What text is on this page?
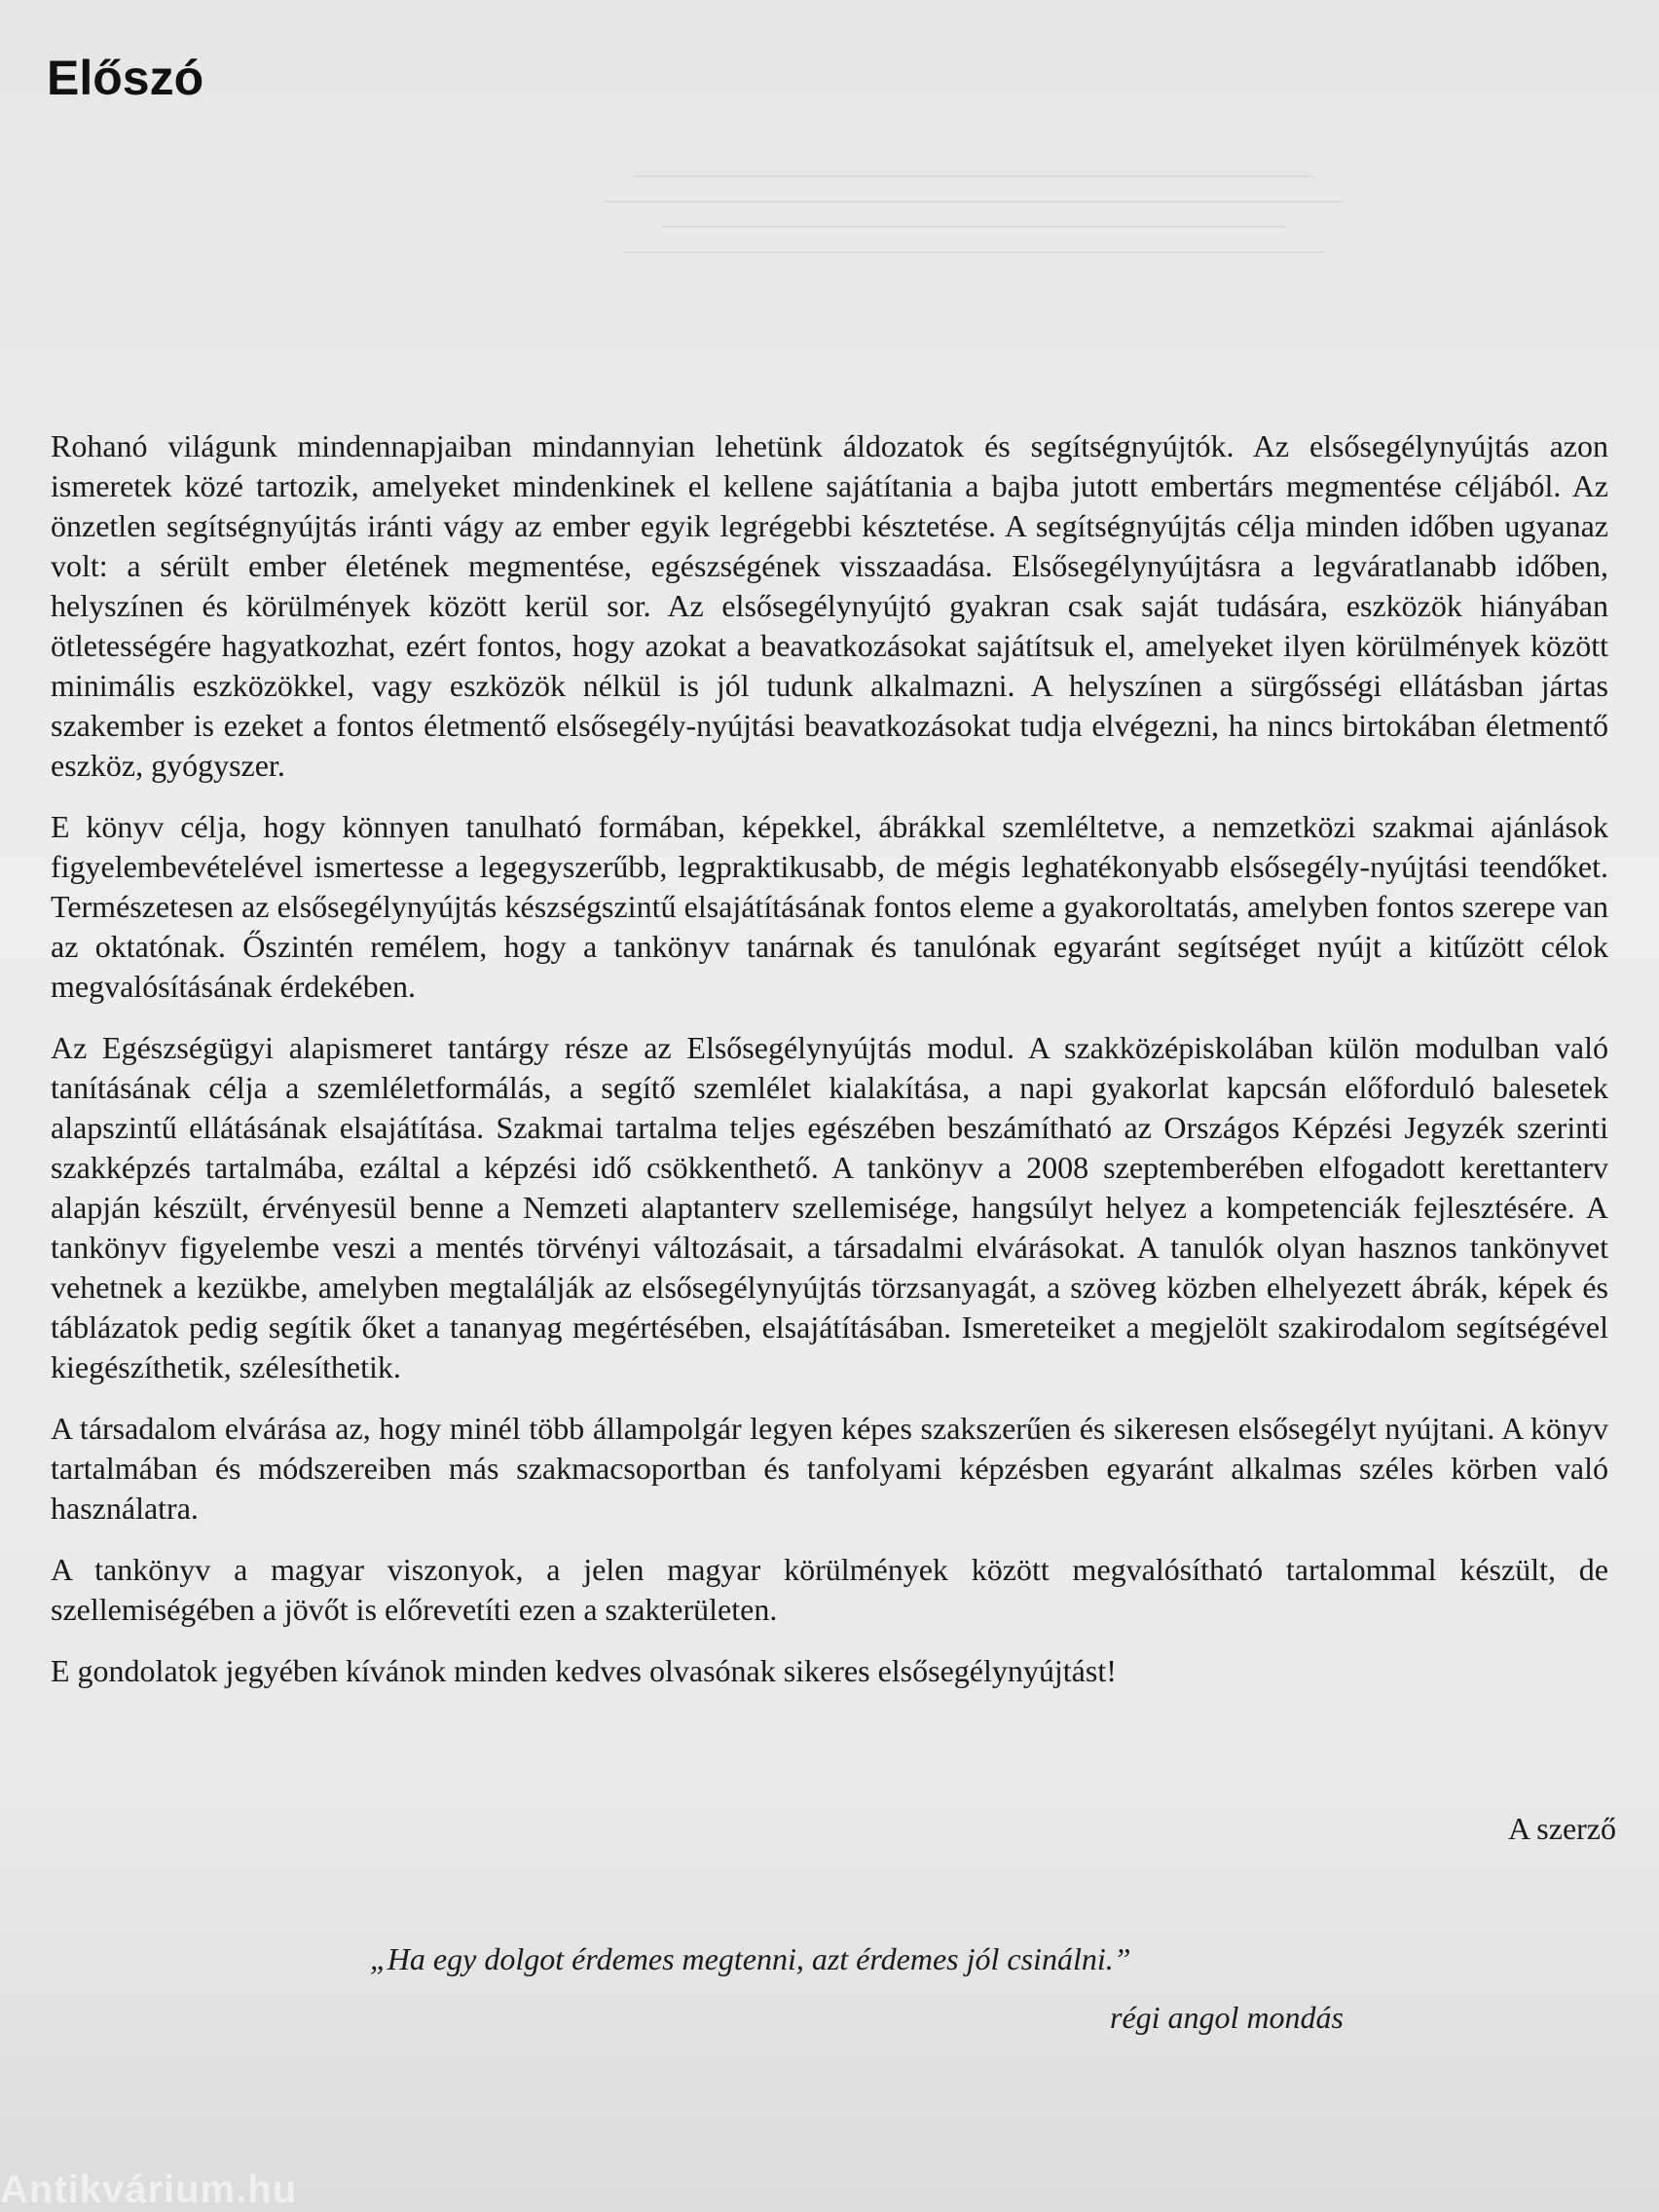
Előszó

Rohanó világunk mindennapjaiban mindannyian lehetünk áldozatok és segítségnyújtók. Az elsősegélynyújtás azon ismeretek közé tartozik, amelyeket mindenkinek el kellene sajátítania a bajba jutott embertárs megmentése céljából. Az önzetlen segítségnyújtás iránti vágy az ember egyik legrégebbi késztetése. A segítségnyújtás célja minden időben ugyanaz volt: a sérült ember életének megmentése, egészségének visszaadása. Elsősegélynyújtásra a legváratlanabb időben, helyszínen és körülmények között kerül sor. Az elsősegélynyújtó gyakran csak saját tudására, eszközök hiányában ötletességére hagyatkozhat, ezért fontos, hogy azokat a beavatkozásokat sajátítsuk el, amelyeket ilyen körülmények között minimális eszközökkel, vagy eszközök nélkül is jól tudunk alkalmazni. A helyszínen a sürgősségi ellátásban jártas szakember is ezeket a fontos életmentő elsősegély-nyújtási beavatkozásokat tudja elvégezni, ha nincs birtokában életmentő eszköz, gyógyszer.

E könyv célja, hogy könnyen tanulható formában, képekkel, ábrákkal szemléltetve, a nemzetközi szakmai ajánlások figyelembevételével ismertesse a legegyszerűbb, legpraktikusabb, de mégis leghatékonyabb elsősegély-nyújtási teendőket. Természetesen az elsősegélynyújtás készségszintű elsajátításának fontos eleme a gyakoroltatás, amelyben fontos szerepe van az oktatónak. Őszintén remélem, hogy a tankönyv tanárnak és tanulónak egyaránt segítséget nyújt a kitűzött célok megvalósításának érdekében.

Az Egészségügyi alapismeret tantárgy része az Elsősegélynyújtás modul. A szakközépiskolában külön modulban való tanításának célja a szemléletformálás, a segítő szemlélet kialakítása, a napi gyakorlat kapcsán előforduló balesetek alapszintű ellátásának elsajátítása. Szakmai tartalma teljes egészében beszámítható az Országos Képzési Jegyzék szerinti szakképzés tartalmába, ezáltal a képzési idő csökkenthető. A tankönyv a 2008 szeptemberében elfogadott kerettanterv alapján készült, érvényesül benne a Nemzeti alaptanterv szellemisége, hangsúlyt helyez a kompetenciák fejlesztésére. A tankönyv figyelembe veszi a mentés törvényi változásait, a társadalmi elvárásokat. A tanulók olyan hasznos tankönyvet vehetnek a kezükbe, amelyben megtalálják az elsősegélynyújtás törzsanyagát, a szöveg közben elhelyezett ábrák, képek és táblázatok pedig segítik őket a tananyag megértésében, elsajátításában. Ismereteiket a megjelölt szakirodalom segítségével kiegészíthetik, szélesíthetik.

A társadalom elvárása az, hogy minél több állampolgár legyen képes szakszerűen és sikeresen elsősegélyt nyújtani. A könyv tartalmában és módszereiben más szakmacsoportban és tanfolyami képzésben egyaránt alkalmas széles körben való használatra.

A tankönyv a magyar viszonyok, a jelen magyar körülmények között megvalósítható tartalommal készült, de szellemiségében a jövőt is előrevetíti ezen a szakterületen.

E gondolatok jegyében kívánok minden kedves olvasónak sikeres elsősegélynyújtást!

A szerző
„Ha egy dolgot érdemes megtenni, azt érdemes jól csinálni.”
régi angol mondás
Antikvárium.hu
